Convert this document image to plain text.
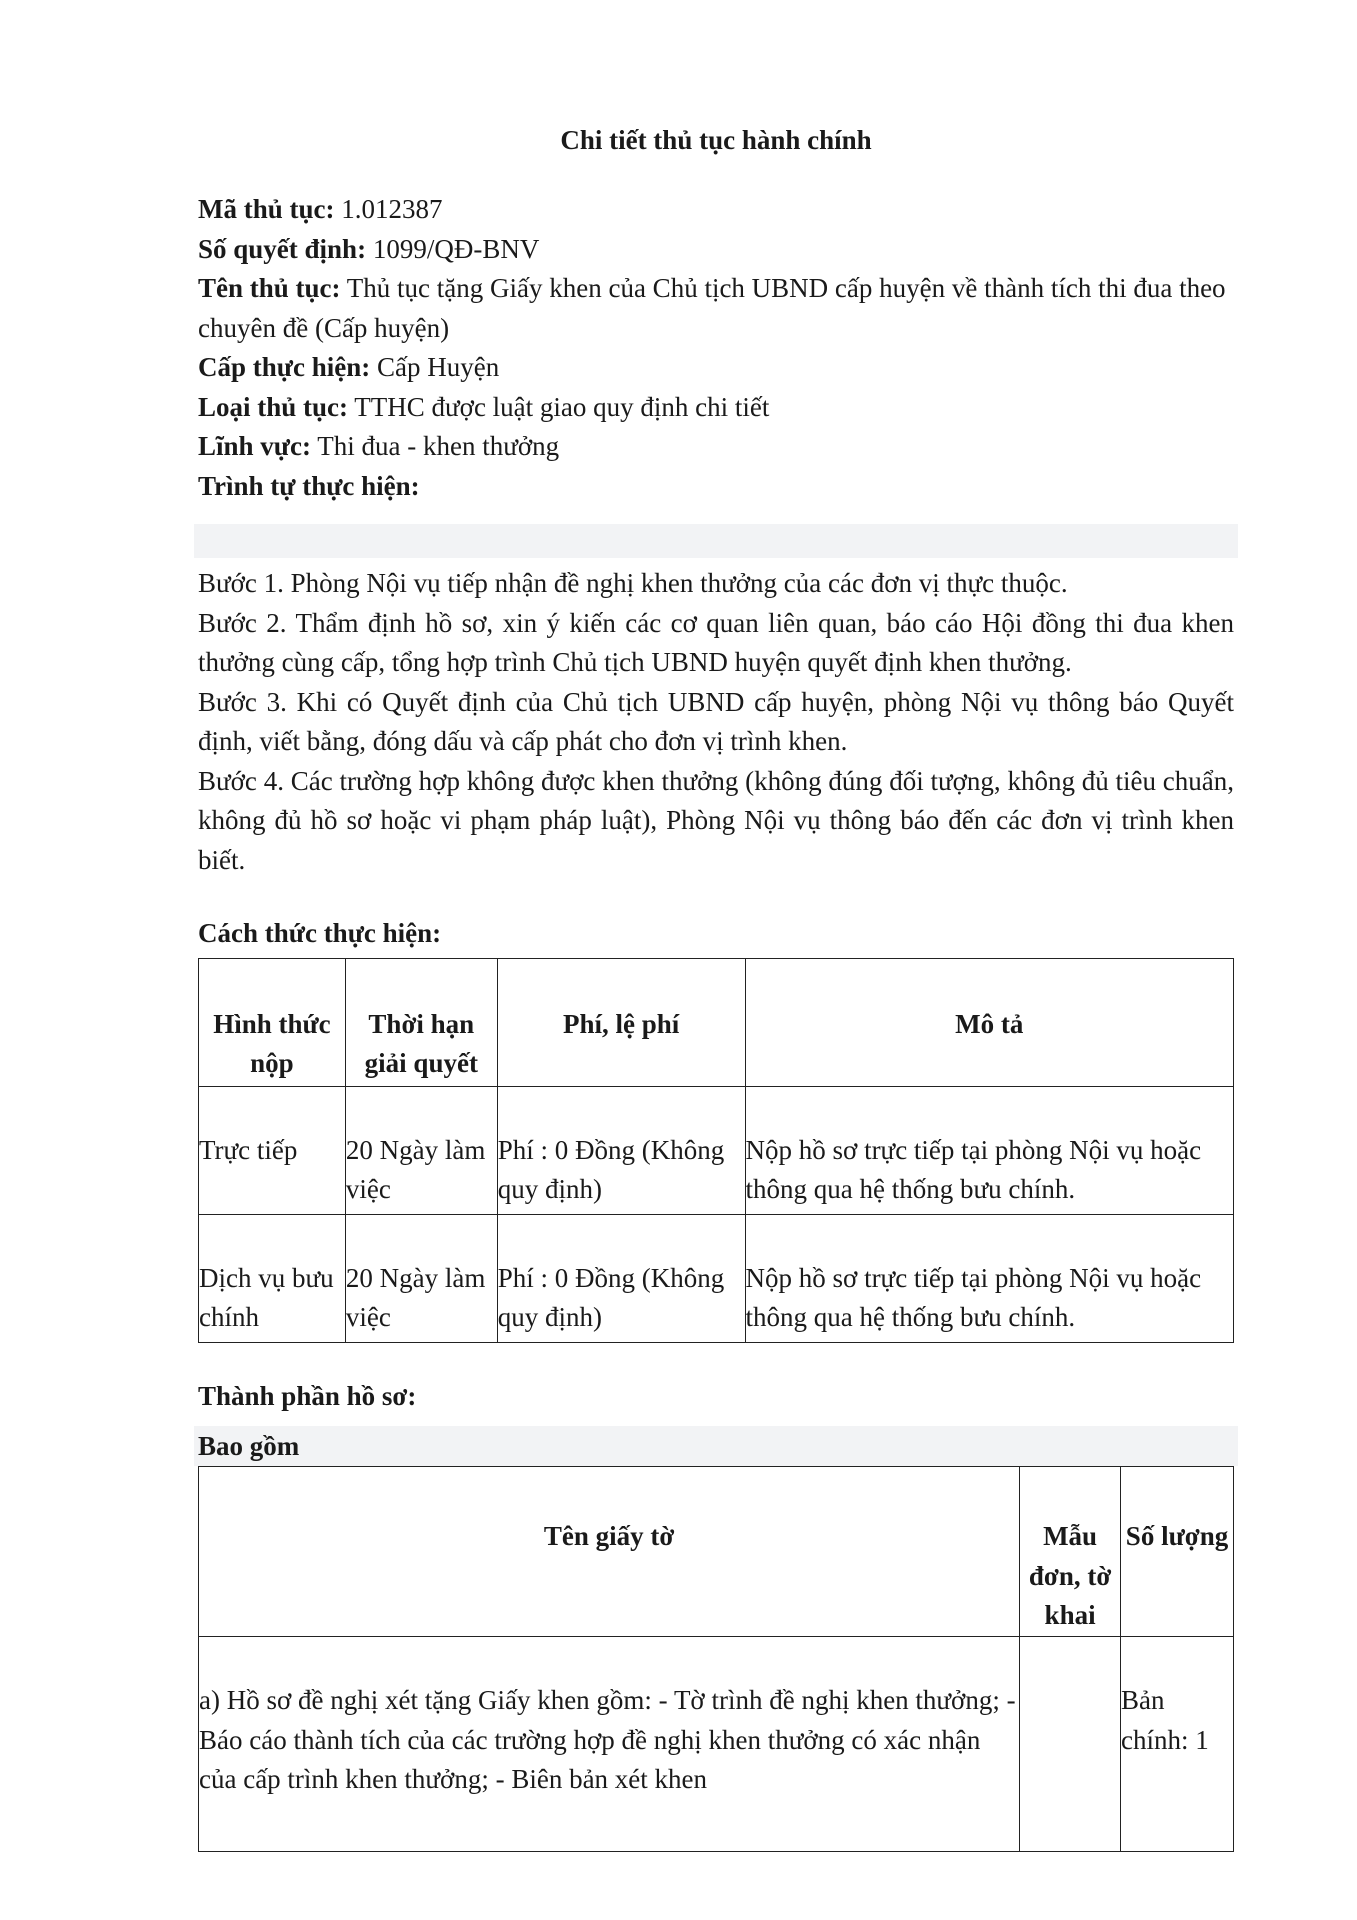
Chi tiết thủ tục hành chính

Mã thủ tục: 1.012387

Số quyết định: 1099/QĐ-BNV

Tên thủ tục: Thủ tục tặng Giấy khen của Chủ tịch UBND cấp huyện về thành tích thi đua theo chuyên đề (Cấp huyện)

Cấp thực hiện: Cấp Huyện

Loại thủ tục: TTHC được luật giao quy định chi tiết

Lĩnh vực: Thi đua - khen thưởng

Trình tự thực hiện:

Bước 1. Phòng Nội vụ tiếp nhận đề nghị khen thưởng của các đơn vị thực thuộc.

Bước 2. Thẩm định hồ sơ, xin ý kiến các cơ quan liên quan, báo cáo Hội đồng thi đua khen thưởng cùng cấp, tổng hợp trình Chủ tịch UBND huyện quyết định khen thưởng.

Bước 3. Khi có Quyết định của Chủ tịch UBND cấp huyện, phòng Nội vụ thông báo Quyết định, viết bằng, đóng dấu và cấp phát cho đơn vị trình khen.

Bước 4. Các trường hợp không được khen thưởng (không đúng đối tượng, không đủ tiêu chuẩn, không đủ hồ sơ hoặc vi phạm pháp luật), Phòng Nội vụ thông báo đến các đơn vị trình khen biết.

Cách thức thực hiện:
Hình thức nộp	Thời hạn giải quyết	Phí, lệ phí	Mô tả
Trực tiếp	20 Ngày làm việc	Phí : 0 Đồng (Không quy định)	Nộp hồ sơ trực tiếp tại phòng Nội vụ hoặc thông qua hệ thống bưu chính.
Dịch vụ bưu chính	20 Ngày làm việc	Phí : 0 Đồng (Không quy định)	Nộp hồ sơ trực tiếp tại phòng Nội vụ hoặc thông qua hệ thống bưu chính.
Thành phần hồ sơ:
Bao gồm
Tên giấy tờ	Mẫu đơn, tờ khai	Số lượng

a) Hồ sơ đề nghị xét tặng Giấy khen gồm: - Tờ trình đề nghị khen thưởng; - Báo cáo thành tích của các trường hợp đề nghị khen thưởng có xác nhận của cấp trình khen thưởng; - Biên bản xét khen		Bản chính: 1
